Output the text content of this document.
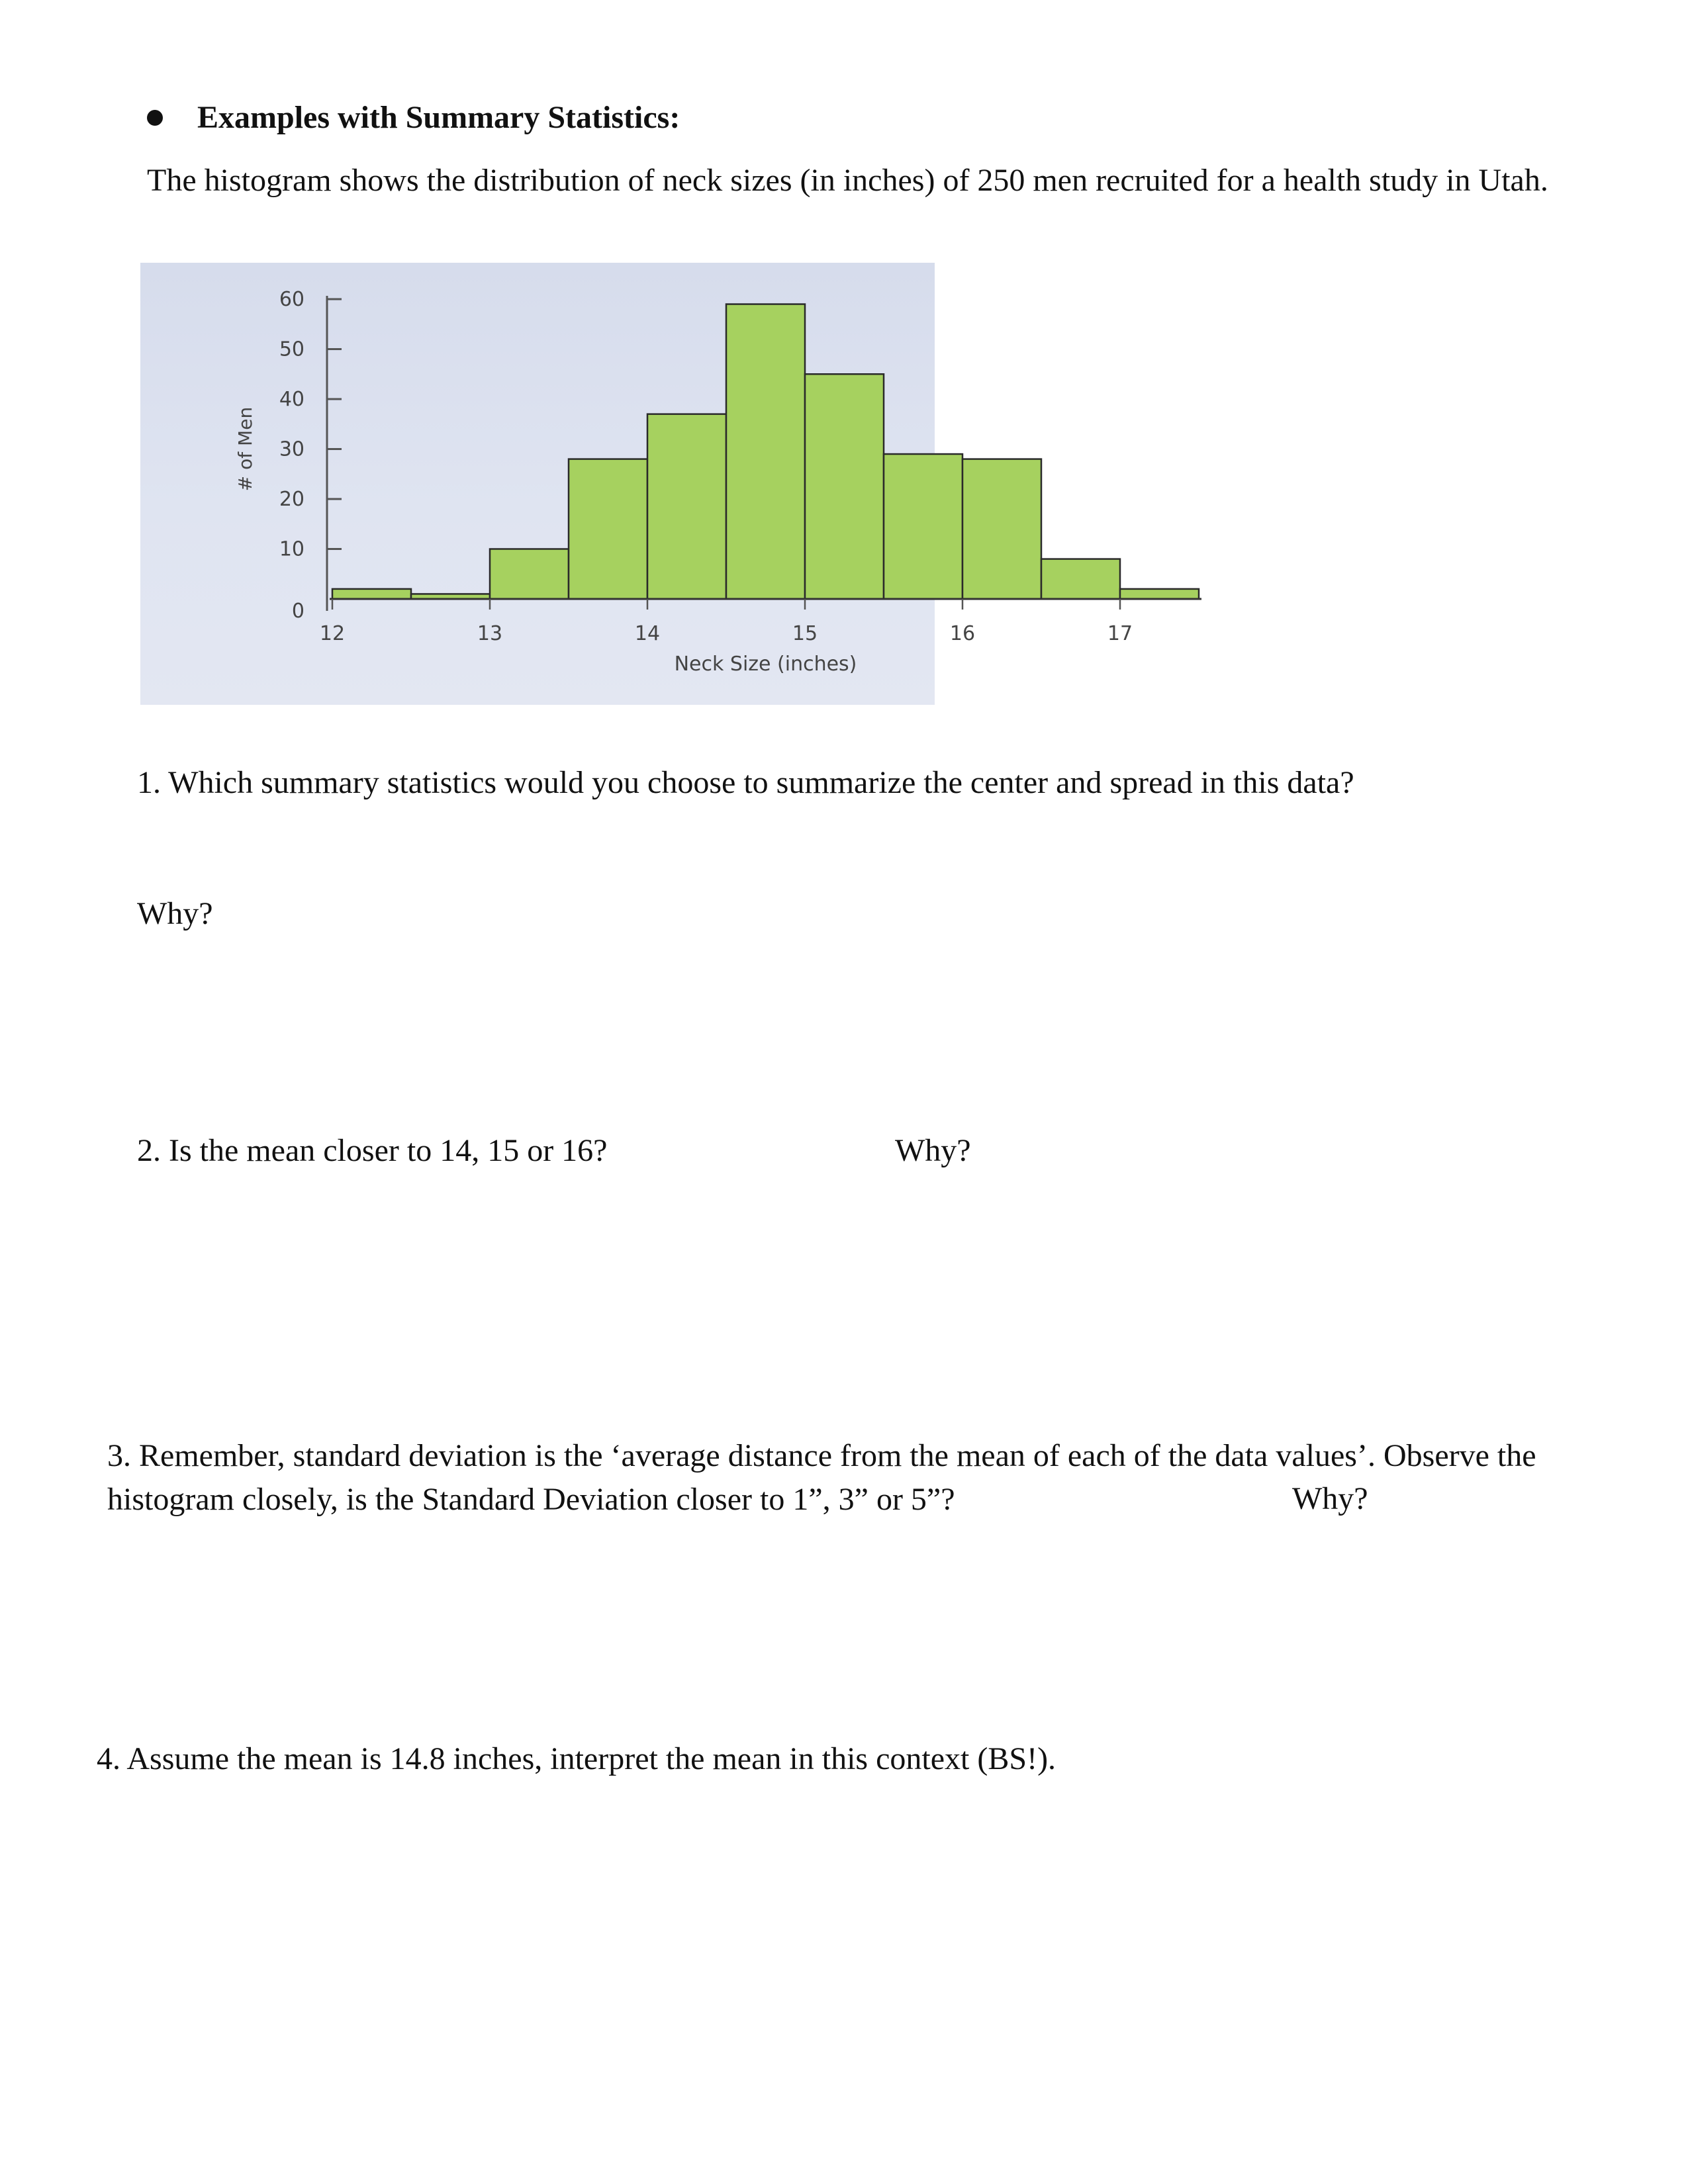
Examples with Summary Statistics:
The histogram shows the distribution of neck sizes (in inches) of 250 men recruited for a health study in Utah.
0
10
20
30
40
50
60
# of Men
12	13	14	15	16	17
Neck Size (inches)
1. Which summary statistics would you choose to summarize the center and spread in this data?
Why?
2. Is the mean closer to 14, 15 or 16?	Why?
3. Remember, standard deviation is the ‘average distance from the mean of each of the data values’. Observe the histogram closely, is the Standard Deviation closer to 1”, 3” or 5”?	Why?
4. Assume the mean is 14.8 inches, interpret the mean in this context (BS!).
